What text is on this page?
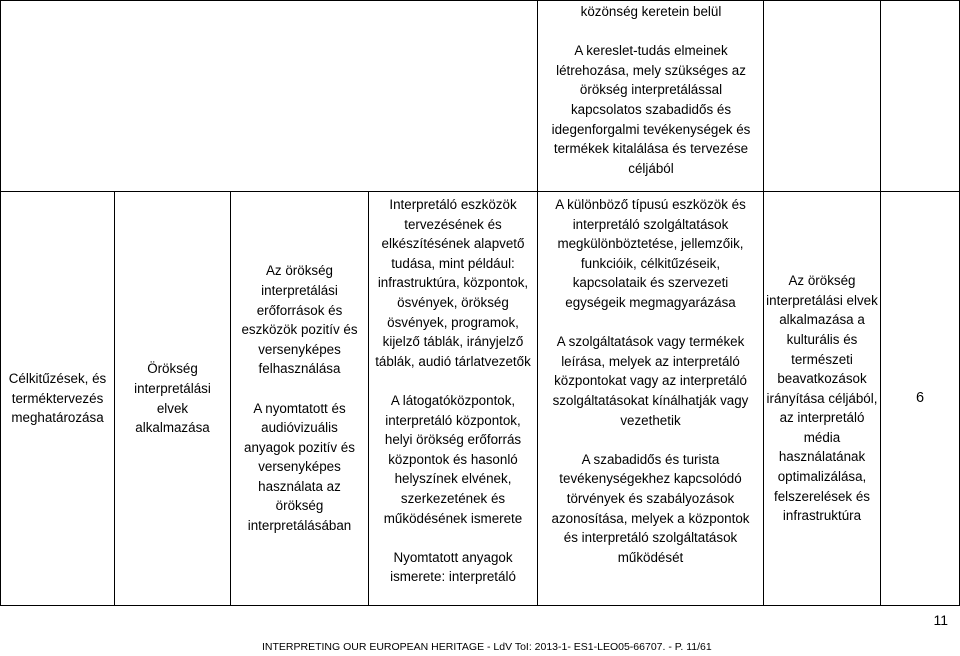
közönség keretein belül
A kereslet-tudás elmeinek létrehozása, mely szükséges az örökség interpretálással kapcsolatos szabadidős és idegenforgalmi tevékenységek és termékek kitalálása és tervezése céljából
Célkitűzések, és terméktervezés meghatározása
Örökség interpretálási elvek alkalmazása
Az örökség interpretálási erőforrások és eszközök pozitív és versenyképes felhasználása
A nyomtatott és audióvizuális anyagok pozitív és versenyképes használata az örökség interpretálásában
Interpretáló eszközök tervezésének és elkészítésének alapvető tudása, mint például: infrastruktúra, központok, ösvények, örökség ösvények, programok, kijelző táblák, irányjelző táblák, audió tárlatvezetők
A látogatóközpontok, interpretáló központok, helyi örökség erőforrás központok és hasonló helyszínek elvének, szerkezetének és működésének ismerete
Nyomtatott anyagok ismerete: interpretáló
A különböző típusú eszközök és interpretáló szolgáltatások megkülönböztetése, jellemzőik, funkcióik, célkitűzéseik, kapcsolataik és szervezeti egységeik megmagyarázása
A szolgáltatások vagy termékek leírása, melyek az interpretáló központokat vagy az interpretáló szolgáltatásokat kínálhatják vagy vezethetik
A szabadidős és turista tevékenységekhez kapcsolódó törvények és szabályozások azonosítása, melyek a központok és interpretáló szolgáltatások működését
Az örökség interpretálási elvek alkalmazása a kulturális és természeti beavatkozások irányítása céljából, az interpretáló média használatának optimalizálása, felszerelések és infrastruktúra
6
11
INTERPRETING OUR EUROPEAN HERITAGE - LdV ToI: 2013-1- ES1-LEO05-66707. - P. 11/61
